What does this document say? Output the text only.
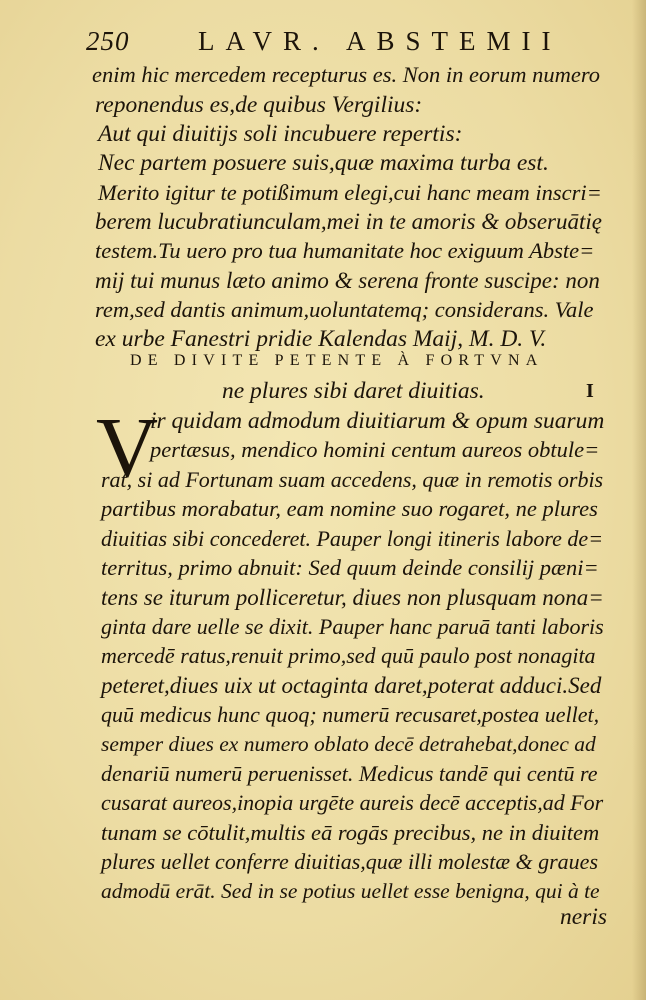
250	LAVR. ABSTEMII
enim hic mercedem recepturus es. Non in eorum numero
reponendus es,de quibus Vergilius:
Aut qui diuitijs soli incubuere repertis:
Nec partem posuere suis,quæ maxima turba est.
Merito igitur te potißimum elegi,cui hanc meam inscri=
berem lucubratiunculam,mei in te amoris & obseruātię
testem.Tu uero pro tua humanitate hoc exiguum Abste=
mij tui munus læto animo & serena fronte suscipe: non
rem,sed dantis animum,uoluntatemq; considerans. Vale
ex urbe Fanestri pridie Kalendas Maij, M. D. V.
DE DIVITE PETENTE À FORTVNA
ne plures sibi daret diuitias.	I
V
ir quidam admodum diuitiarum & opum suarum
pertæsus, mendico homini centum aureos obtule=
rat, si ad Fortunam suam accedens, quæ in remotis orbis
partibus morabatur, eam nomine suo rogaret, ne plures
diuitias sibi concederet. Pauper longi itineris labore de=
territus, primo abnuit: Sed quum deinde consilij pæni=
tens se iturum polliceretur, diues non plusquam nona=
ginta dare uelle se dixit. Pauper hanc paruā tanti laboris
mercedē ratus,renuit primo,sed quū paulo post nonagita
peteret,diues uix ut octaginta daret,poterat adduci.Sed
quū medicus hunc quoq; numerū recusaret,postea uellet,
semper diues ex numero oblato decē detrahebat,donec ad
denariū numerū peruenisset. Medicus tandē qui centū re
cusarat aureos,inopia urgēte aureis decē acceptis,ad For
tunam se cōtulit,multis eā rogās precibus, ne in diuitem
plures uellet conferre diuitias,quæ illi molestæ & graues
admodū erāt. Sed in se potius uellet esse benigna, qui à te
neris
